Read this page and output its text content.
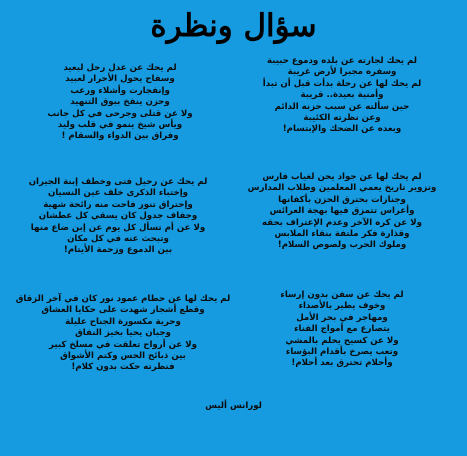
سؤال ونظرة
لم يحك لجارته عن بلده ودموع حبيبة
وسفره مجبرا لأرض غريبة
لم يحك لها عن رحلة بدأت قبل أن تبدأ
وأمنية بعيدة.. قريبة
حين سألته عن سبب حزنه الدائم
وعن نظرته الكئيبة
وبعده عن الضحك والإبتسام!
لم يحك لها عن جواد يحن لغياب فارس
وتزوير تاريخ يعمي المعلمين وطلاب المدارس
وجنازات بحترق الحزن بأكفانها
وأعراس تتمزق فيها بهجة العرائس
ولا عن كره الآخر وعدم الإعتراف بحقه
وقذارة فكر ملتفة بنقاء الملابس
وملوك الحرب ولصوص السلام!
لم يحك عن سفن بدون إرساء
وخوف يطير بالأصداء
ومهاجر في بحر الأمل
يتصارع مع أمواج الفناء
ولا عن كسيح يحلم بالمشي
وتعب يصرخ بأقدام البؤساء
وأحلام تحترق بعد أحلام!
لم يحك عن عدل رحل لبعيد
وسفاح يحول الأحرار لعبيد
وإنفجارت وأشلاء ورعب
وحزن ينفخ ببوق التنهيد
ولا عن قتلى وجرحى في كل جانب
ويأس شيخ ينمو في قلب وليد
وفراق بين الدواء والسقام !
لم يحك عن رحيل فتى وخطف إبنة الجيران
وإختباء الذكرى خلف عين النسيان
وإحتراق تنور فاحت منه رائحة شهية
وجفاف جدول كان يسقي كل عطشان
ولا عن أم تسأل كل يوم عن إبن ضاع منها
وتبحث عنه في كل مكان
بين الدموع وزحمة الأيتام!
لم يحك لها عن حطام عمود نور كان في آخر الزقاق
وقطع أشجار شهدت على حكايا العشاق
وحرية مكسورة الجناح عليلة
وجبان يحيا بخيز النفاق
ولا عن أرواح تعلقت في مسلخ كبير
بين ذبائح الحس وكتم الأشواق
فنظرته حكت بدون كلام!
لورانس أليس
